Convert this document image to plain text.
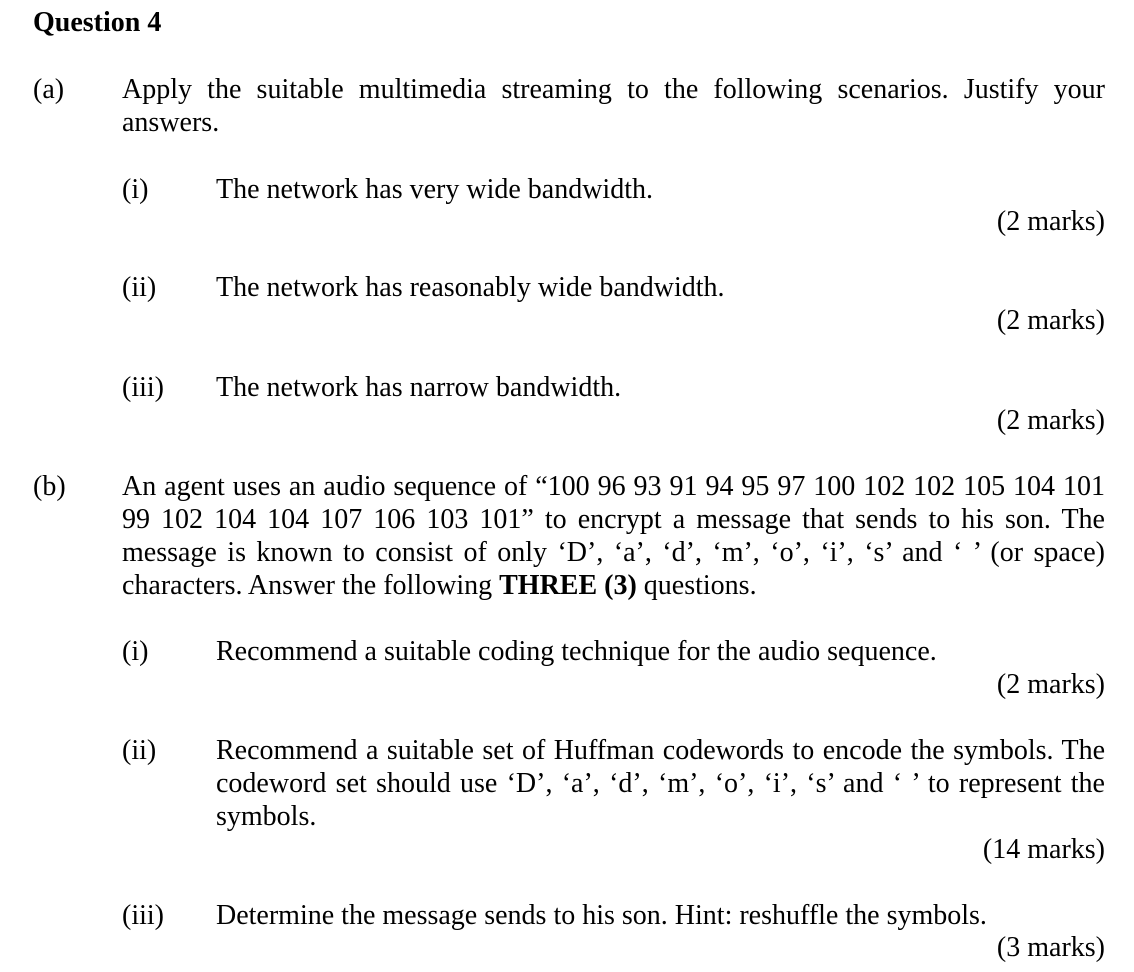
Question 4
(a) Apply the suitable multimedia streaming to the following scenarios. Justify your answers.
(i) The network has very wide bandwidth.
(2 marks)
(ii) The network has reasonably wide bandwidth.
(2 marks)
(iii) The network has narrow bandwidth.
(2 marks)
(b) An agent uses an audio sequence of “100 96 93 91 94 95 97 100 102 102 105 104 101 99 102 104 104 107 106 103 101” to encrypt a message that sends to his son. The message is known to consist of only ‘D’, ‘a’, ‘d’, ‘m’, ‘o’, ‘i’, ‘s’ and ‘ ’ (or space) characters. Answer the following THREE (3) questions.
(i) Recommend a suitable coding technique for the audio sequence.
(2 marks)
(ii) Recommend a suitable set of Huffman codewords to encode the symbols. The codeword set should use ‘D’, ‘a’, ‘d’, ‘m’, ‘o’, ‘i’, ‘s’ and ‘ ’ to represent the symbols.
(14 marks)
(iii) Determine the message sends to his son. Hint: reshuffle the symbols.
(3 marks)
